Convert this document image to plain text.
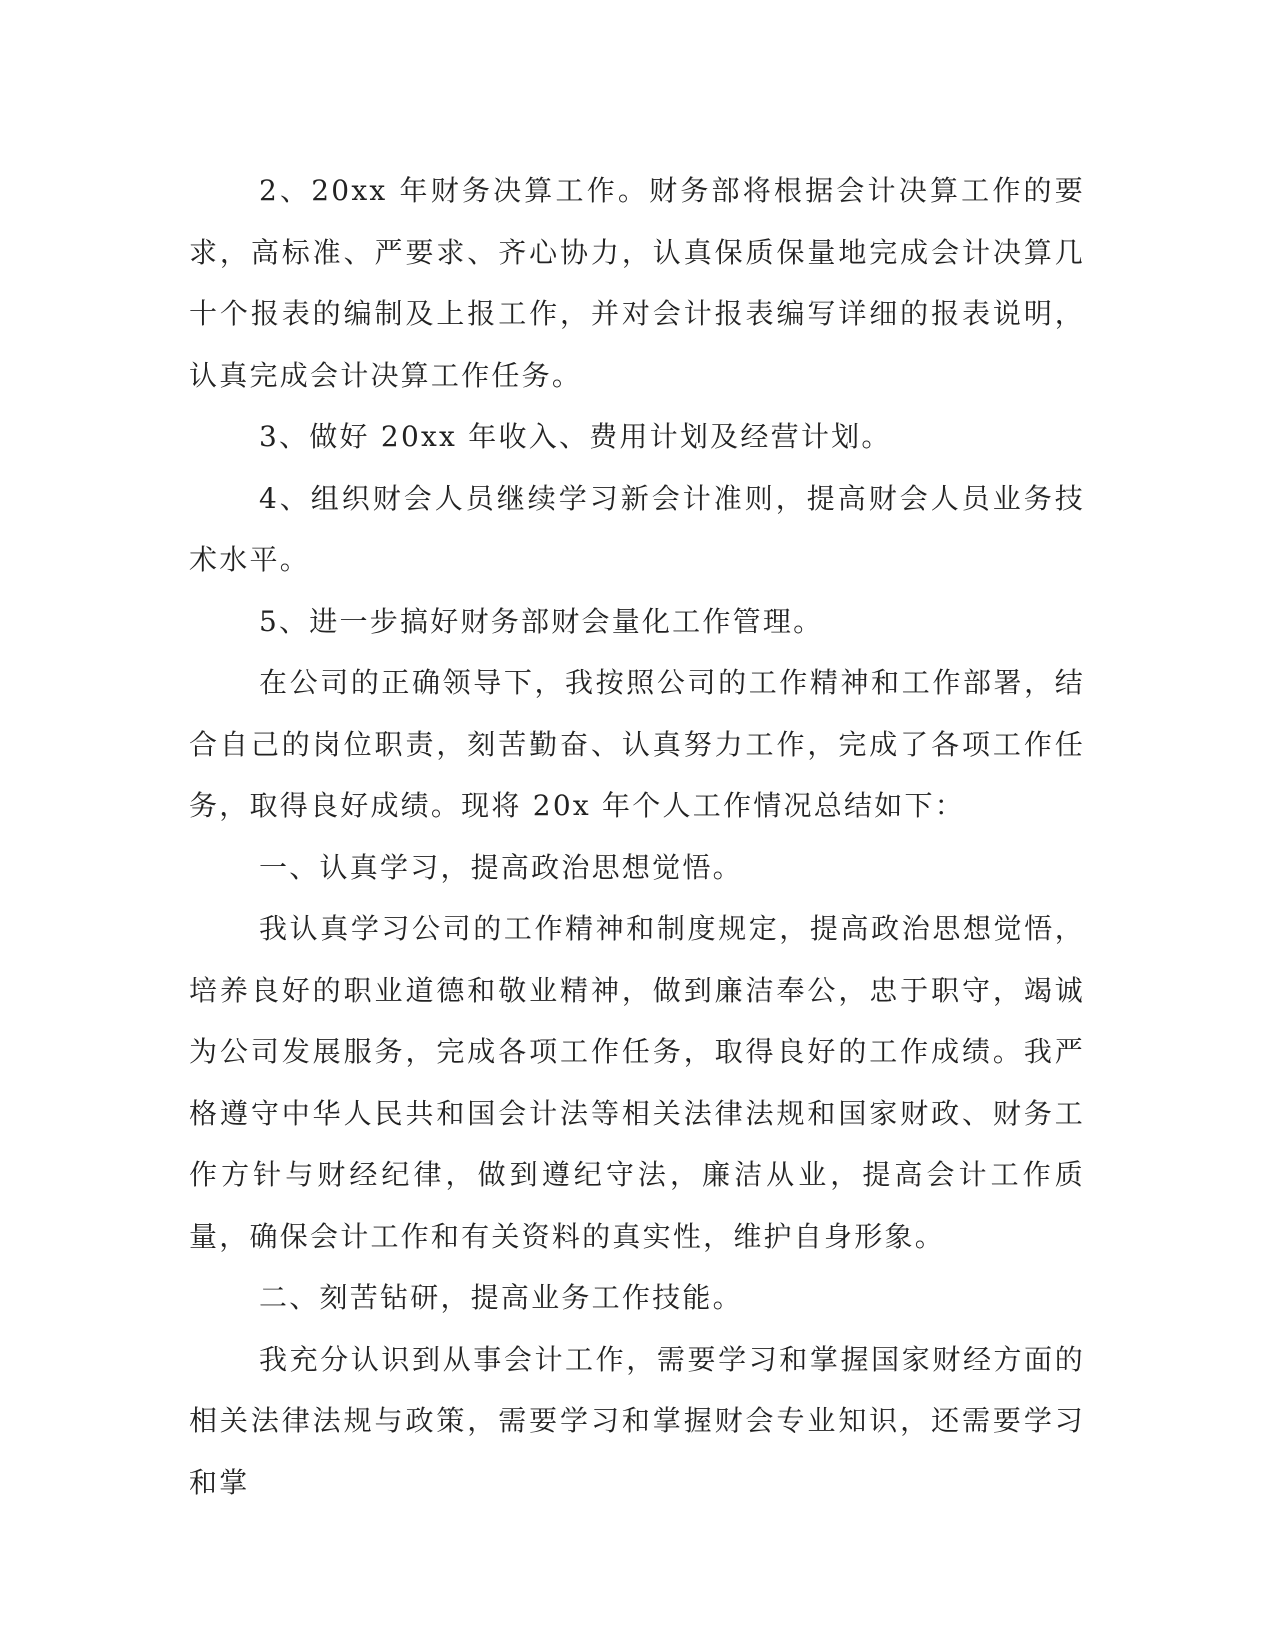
2、20xx 年财务决算工作。财务部将根据会计决算工作的要求，高标准、严要求、齐心协力，认真保质保量地完成会计决算几十个报表的编制及上报工作，并对会计报表编写详细的报表说明，认真完成会计决算工作任务。

3、做好 20xx 年收入、费用计划及经营计划。

4、组织财会人员继续学习新会计准则，提高财会人员业务技术水平。

5、进一步搞好财务部财会量化工作管理。

在公司的正确领导下，我按照公司的工作精神和工作部署，结合自己的岗位职责，刻苦勤奋、认真努力工作，完成了各项工作任务，取得良好成绩。现将 20x 年个人工作情况总结如下：

一、认真学习，提高政治思想觉悟。

我认真学习公司的工作精神和制度规定，提高政治思想觉悟，培养良好的职业道德和敬业精神，做到廉洁奉公，忠于职守，竭诚为公司发展服务，完成各项工作任务，取得良好的工作成绩。我严格遵守中华人民共和国会计法等相关法律法规和国家财政、财务工作方针与财经纪律，做到遵纪守法，廉洁从业，提高会计工作质量，确保会计工作和有关资料的真实性，维护自身形象。

二、刻苦钻研，提高业务工作技能。

我充分认识到从事会计工作，需要学习和掌握国家财经方面的相关法律法规与政策，需要学习和掌握财会专业知识，还需要学习和掌
